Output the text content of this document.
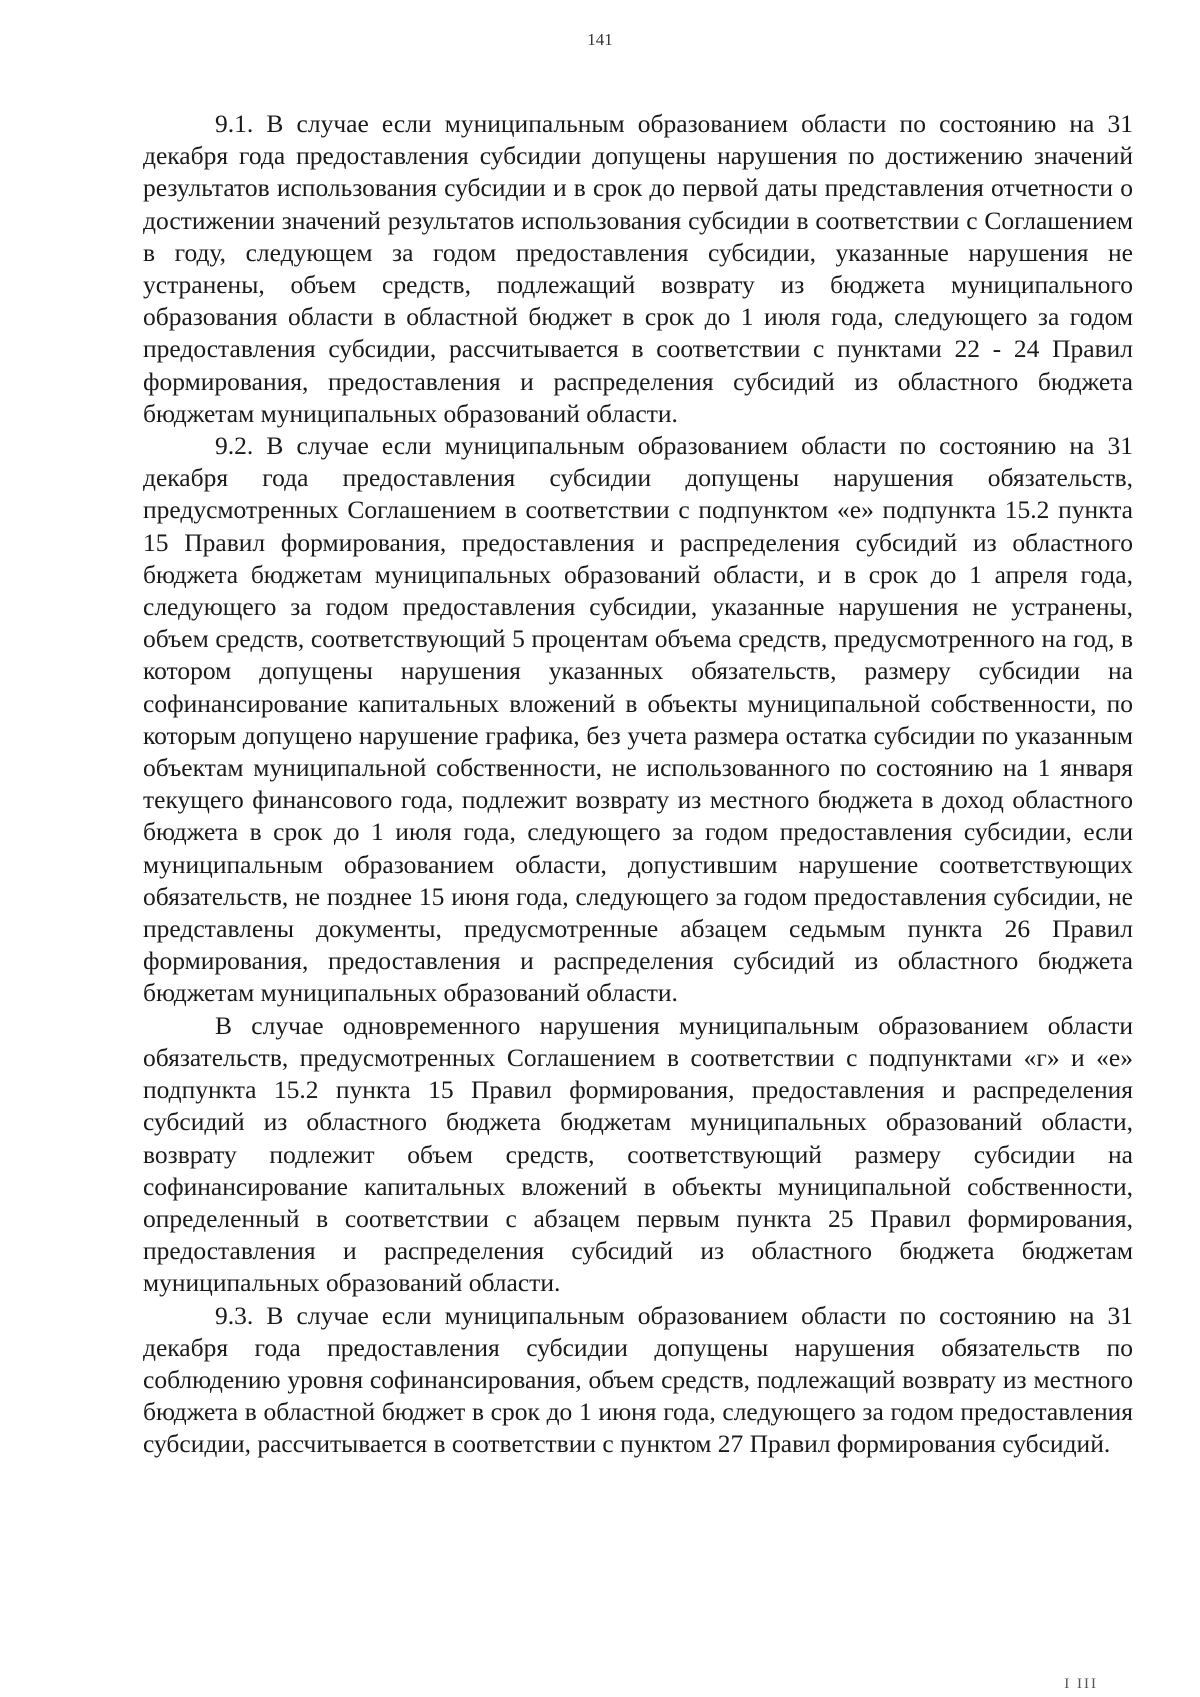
141

9.1. В случае если муниципальным образованием области по состоянию на 31 декабря года предоставления субсидии допущены нарушения по достижению значений результатов использования субсидии и в срок до первой даты представления отчетности о достижении значений результатов использования субсидии в соответствии с Соглашением в году, следующем за годом предоставления субсидии, указанные нарушения не устранены, объем средств, подлежащий возврату из бюджета муниципального образования области в областной бюджет в срок до 1 июля года, следующего за годом предоставления субсидии, рассчитывается в соответствии с пунктами 22 - 24 Правил формирования, предоставления и распределения субсидий из областного бюджета бюджетам муниципальных образований области.

9.2. В случае если муниципальным образованием области по состоянию на 31 декабря года предоставления субсидии допущены нарушения обязательств, предусмотренных Соглашением в соответствии с подпунктом «е» подпункта 15.2 пункта 15 Правил формирования, предоставления и распределения субсидий из областного бюджета бюджетам муниципальных образований области, и в срок до 1 апреля года, следующего за годом предоставления субсидии, указанные нарушения не устранены, объем средств, соответствующий 5 процентам объема средств, предусмотренного на год, в котором допущены нарушения указанных обязательств, размеру субсидии на софинансирование капитальных вложений в объекты муниципальной собственности, по которым допущено нарушение графика, без учета размера остатка субсидии по указанным объектам муниципальной собственности, не использованного по состоянию на 1 января текущего финансового года, подлежит возврату из местного бюджета в доход областного бюджета в срок до 1 июля года, следующего за годом предоставления субсидии, если муниципальным образованием области, допустившим нарушение соответствующих обязательств, не позднее 15 июня года, следующего за годом предоставления субсидии, не представлены документы, предусмотренные абзацем седьмым пункта 26 Правил формирования, предоставления и распределения субсидий из областного бюджета бюджетам муниципальных образований области.

В случае одновременного нарушения муниципальным образованием области обязательств, предусмотренных Соглашением в соответствии с подпунктами «г» и «е» подпункта 15.2 пункта 15 Правил формирования, предоставления и распределения субсидий из областного бюджета бюджетам муниципальных образований области, возврату подлежит объем средств, соответствующий размеру субсидии на софинансирование капитальных вложений в объекты муниципальной собственности, определенный в соответствии с абзацем первым пункта 25 Правил формирования, предоставления и распределения субсидий из областного бюджета бюджетам муниципальных образований области.

9.3. В случае если муниципальным образованием области по состоянию на 31 декабря года предоставления субсидии допущены нарушения обязательств по соблюдению уровня софинансирования, объем средств, подлежащий возврату из местного бюджета в областной бюджет в срок до 1 июня года, следующего за годом предоставления субсидии, рассчитывается в соответствии с пунктом 27 Правил формирования субсидий.

I III
